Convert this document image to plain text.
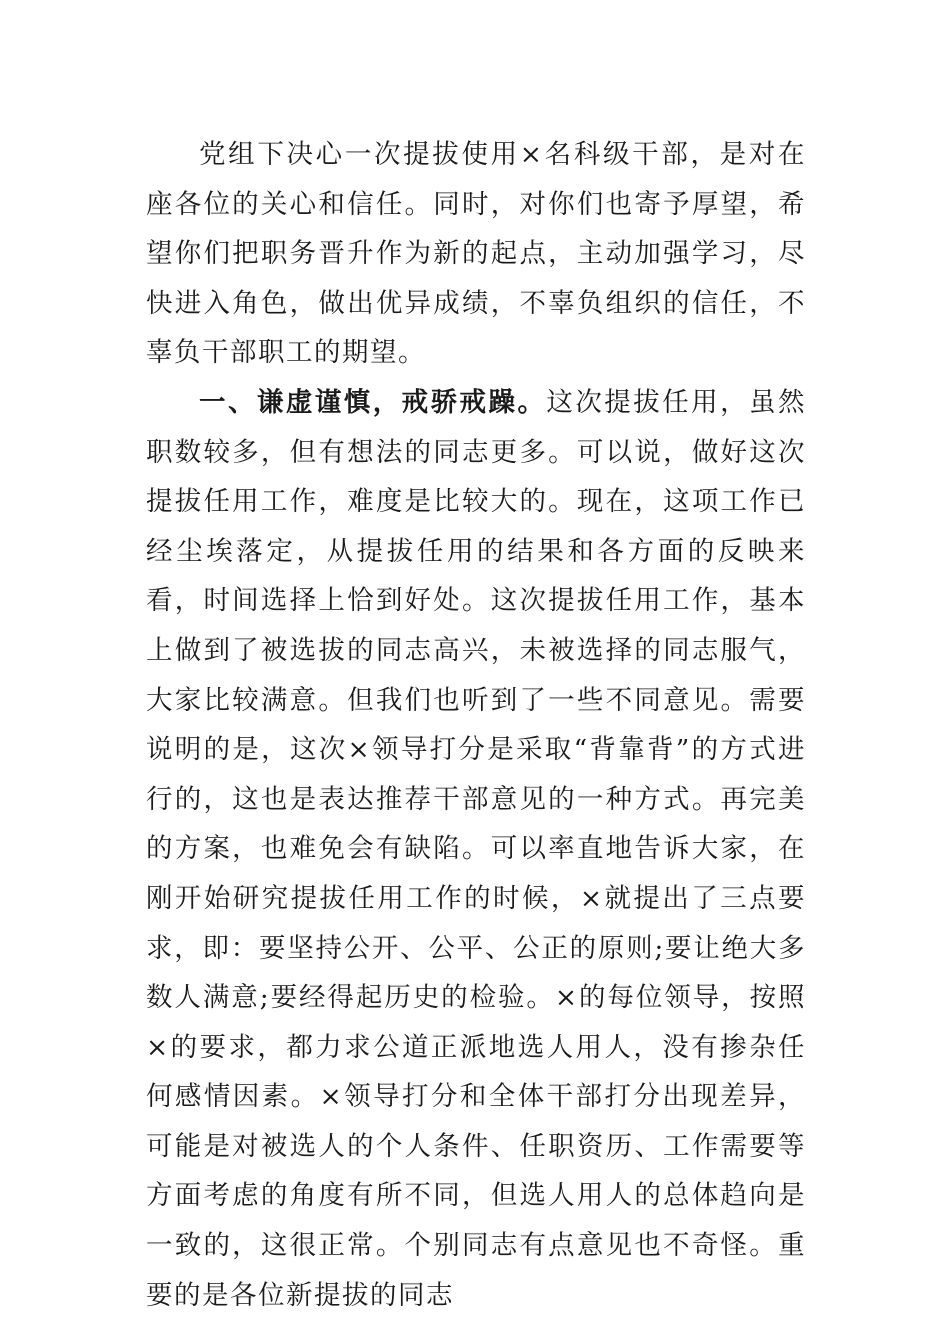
党组下决心一次提拔使用×名科级干部，是对在座各位的关心和信任。同时，对你们也寄予厚望，希望你们把职务晋升作为新的起点，主动加强学习，尽快进入角色，做出优异成绩，不辜负组织的信任，不辜负干部职工的期望。

一、谦虚谨慎，戒骄戒躁。这次提拔任用，虽然职数较多，但有想法的同志更多。可以说，做好这次提拔任用工作，难度是比较大的。现在，这项工作已经尘埃落定，从提拔任用的结果和各方面的反映来看，时间选择上恰到好处。这次提拔任用工作，基本上做到了被选拔的同志高兴，未被选择的同志服气，大家比较满意。但我们也听到了一些不同意见。需要说明的是，这次×领导打分是采取“背靠背”的方式进行的，这也是表达推荐干部意见的一种方式。再完美的方案，也难免会有缺陷。可以率直地告诉大家，在刚开始研究提拔任用工作的时候，×就提出了三点要求，即：要坚持公开、公平、公正的原则;要让绝大多数人满意;要经得起历史的检验。×的每位领导，按照×的要求，都力求公道正派地选人用人，没有掺杂任何感情因素。×领导打分和全体干部打分出现差异，可能是对被选人的个人条件、任职资历、工作需要等方面考虑的角度有所不同，但选人用人的总体趋向是一致的，这很正常。个别同志有点意见也不奇怪。重要的是各位新提拔的同志
